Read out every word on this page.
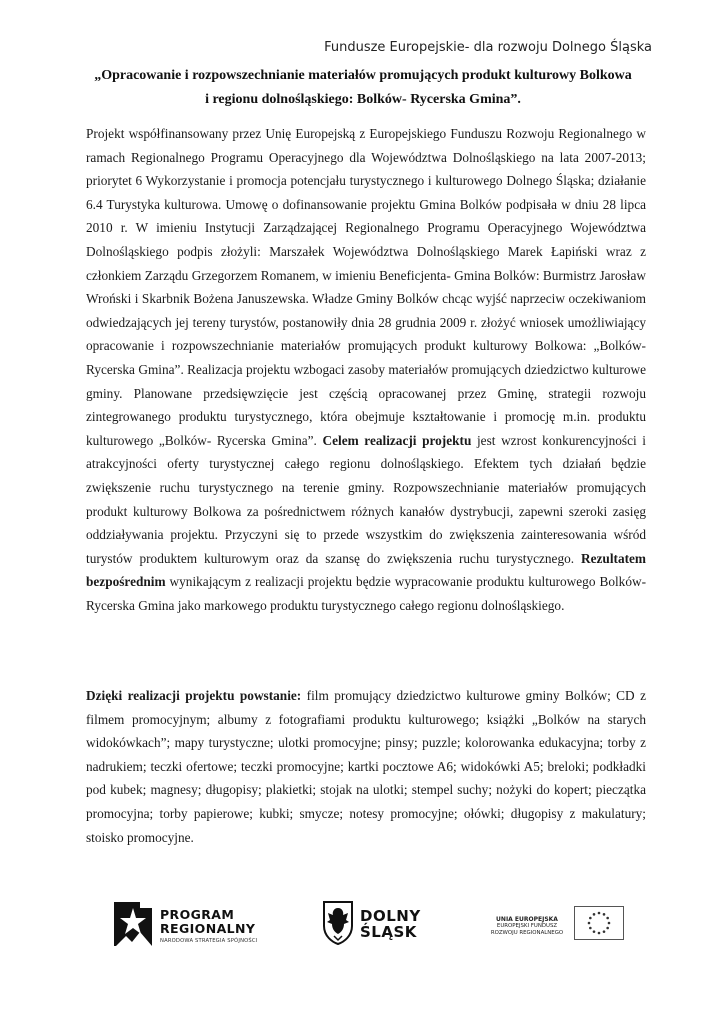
Fundusze Europejskie- dla rozwoju Dolnego Śląska
„Opracowanie i rozpowszechnianie materiałów promujących produkt kulturowy Bolkowa
i regionu dolnośląskiego: Bolków- Rycerska Gmina”.

Projekt współfinansowany przez Unię Europejską z Europejskiego Funduszu Rozwoju Regionalnego w ramach Regionalnego Programu Operacyjnego dla Województwa Dolnośląskiego na lata 2007-2013; priorytet 6 Wykorzystanie i promocja potencjału turystycznego i kulturowego Dolnego Śląska; działanie 6.4 Turystyka kulturowa. Umowę o dofinansowanie projektu Gmina Bolków podpisała w dniu 28 lipca 2010 r. W imieniu Instytucji Zarządzającej Regionalnego Programu Operacyjnego Województwa Dolnośląskiego podpis złożyli: Marszałek Województwa Dolnośląskiego Marek Łapiński wraz z członkiem Zarządu Grzegorzem Romanem, w imieniu Beneficjenta- Gmina Bolków: Burmistrz Jarosław Wroński i Skarbnik Bożena Januszewska. Władze Gminy Bolków chcąc wyjść naprzeciw oczekiwaniom odwiedzających jej tereny turystów, postanowiły dnia 28 grudnia 2009 r. złożyć wniosek umożliwiający opracowanie i rozpowszechnianie materiałów promujących produkt kulturowy Bolkowa: „Bolków- Rycerska Gmina”. Realizacja projektu wzbogaci zasoby materiałów promujących dziedzictwo kulturowe gminy. Planowane przedsięwzięcie jest częścią opracowanej przez Gminę, strategii rozwoju zintegrowanego produktu turystycznego, która obejmuje kształtowanie i promocję m.in. produktu kulturowego „Bolków- Rycerska Gmina”. Celem realizacji projektu jest wzrost konkurencyjności i atrakcyjności oferty turystycznej całego regionu dolnośląskiego. Efektem tych działań będzie zwiększenie ruchu turystycznego na terenie gminy. Rozpowszechnianie materiałów promujących produkt kulturowy Bolkowa za pośrednictwem różnych kanałów dystrybucji, zapewni szeroki zasięg oddziaływania projektu. Przyczyni się to przede wszystkim do zwiększenia zainteresowania wśród turystów produktem kulturowym oraz da szansę do zwiększenia ruchu turystycznego. Rezultatem bezpośrednim wynikającym z realizacji projektu będzie wypracowanie produktu kulturowego Bolków- Rycerska Gmina jako markowego produktu turystycznego całego regionu dolnośląskiego.

Dzięki realizacji projektu powstanie: film promujący dziedzictwo kulturowe gminy Bolków; CD z filmem promocyjnym; albumy z fotografiami produktu kulturowego; książki „Bolków na starych widokówkach”; mapy turystyczne; ulotki promocyjne; pinsy; puzzle; kolorowanka edukacyjna; torby z nadrukiem; teczki ofertowe; teczki promocyjne; kartki pocztowe A6; widokówki A5; breloki; podkładki pod kubek; magnesy; długopisy; plakietki; stojak na ulotki; stempel suchy; nożyki do kopert; pieczątka promocyjna; torby papierowe; kubki; smycze; notesy promocyjne; ołówki; długopisy z makulatury; stoisko promocyjne.

PROGRAM
REGIONALNY
NARODOWA STRATEGIA SPÓJNOŚCI
DOLNY
ŚLĄSK
UNIA EUROPEJSKA
EUROPEJSKI FUNDUSZ
ROZWOJU REGIONALNEGO
